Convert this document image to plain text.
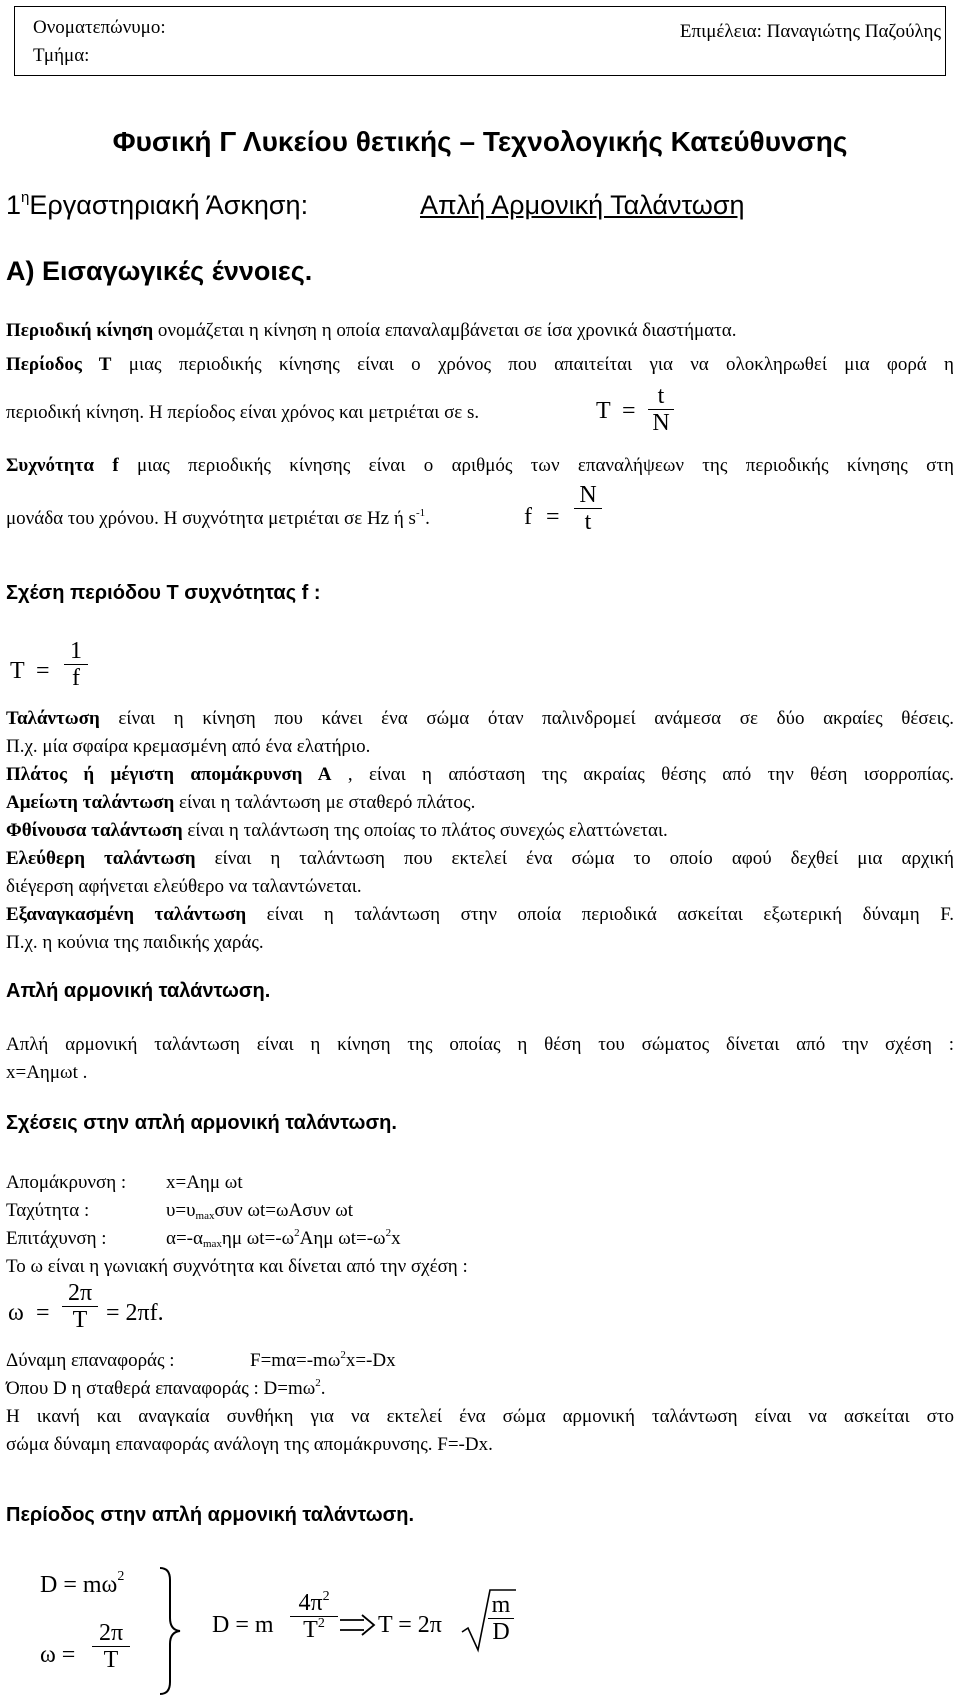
Ονοματεπώνυμο:
Τμήμα:
Επιμέλεια: Παναγιώτης Παζούλης
Φυσική Γ Λυκείου θετικής – Τεχνολογικής Κατεύθυνσης
$1^\eta E\rho\gamma\alpha\sigma\tau\eta\rho\iota\alpha\kappa ή$ Άσκηση:	Απλή Αρμονική Ταλάντωση
Α) Εισαγωγικές έννοιες.
Περιοδική κίνηση ονομάζεται η κίνηση η οποία επαναλαμβάνεται σε ίσα χρονικά διαστήματα.
Περίοδος Τ μιας περιοδικής κίνησης είναι ο χρόνος που απαιτείται για να ολοκληρωθεί μια φορά η
περιοδική κίνηση. Η περίοδος είναι χρόνος και μετριέται σε s.	T =
t
N
Συχνότητα f μιας περιοδικής κίνησης είναι ο αριθμός των επαναλήψεων της περιοδικής κίνησης στη
μονάδα του χρόνου. Η συχνότητα μετριέται σε Hz ή $s^{-1}$.	f =
N
t
Σχέση περιόδου Τ συχνότητας f :
T =
1
f
Ταλάντωση είναι η κίνηση που κάνει ένα σώμα όταν παλινδρομεί ανάμεσα σε δύο ακραίες θέσεις.
Π.χ. μία σφαίρα κρεμασμένη από ένα ελατήριο.
Πλάτος ή μέγιστη απομάκρυνση Α , είναι η απόσταση της ακραίας θέσης από την θέση ισορροπίας.
Αμείωτη ταλάντωση είναι η ταλάντωση με σταθερό πλάτος.
Φθίνουσα ταλάντωση είναι η ταλάντωση της οποίας το πλάτος συνεχώς ελαττώνεται.
Ελεύθερη ταλάντωση είναι η ταλάντωση που εκτελεί ένα σώμα το οποίο αφού δεχθεί μια αρχική
διέγερση αφήνεται ελεύθερο να ταλαντώνεται.
Εξαναγκασμένη ταλάντωση είναι η ταλάντωση στην οποία περιοδικά ασκείται εξωτερική δύναμη F.
Π.χ. η κούνια της παιδικής χαράς.
Απλή αρμονική ταλάντωση.
Απλή αρμονική ταλάντωση είναι η κίνηση της οποίας η θέση του σώματος δίνεται από την σχέση :
x=Αημωt .
Σχέσεις στην απλή αρμονική ταλάντωση.
Απομάκρυνση : x=Αημ ωt
Ταχύτητα :	$\upsilon=\upsilon_{max}\sigma\upsilon\nu$ ωt=ωΑσυν ωt
Επιτάχυνση :	$\alpha=-\alpha_{max}\eta\mu$ $\omega t=-\omega^2A\eta\mu$ $\omega t=-\omega^2x$
Το ω είναι η γωνιακή συχνότητα και δίνεται από την σχέση :
ω =
2π
T = 2πf.
Δύναμη επαναφοράς :	$F=m\alpha=-m\omega^2x=-Dx$
Όπου D η σταθερά επαναφοράς : $D=m\omega^2$.
Η ικανή και αναγκαία συνθήκη για να εκτελεί ένα σώμα αρμονική ταλάντωση είναι να ασκείται στο
σώμα δύναμη επαναφοράς ανάλογη της απομάκρυνσης. F=-Dx.
Περίοδος στην απλή αρμονική ταλάντωση.
$D = m\omega^2$
ω =
2π
T
D = m
$4\pi^2$
$T^2$	T = 2π
m
D
